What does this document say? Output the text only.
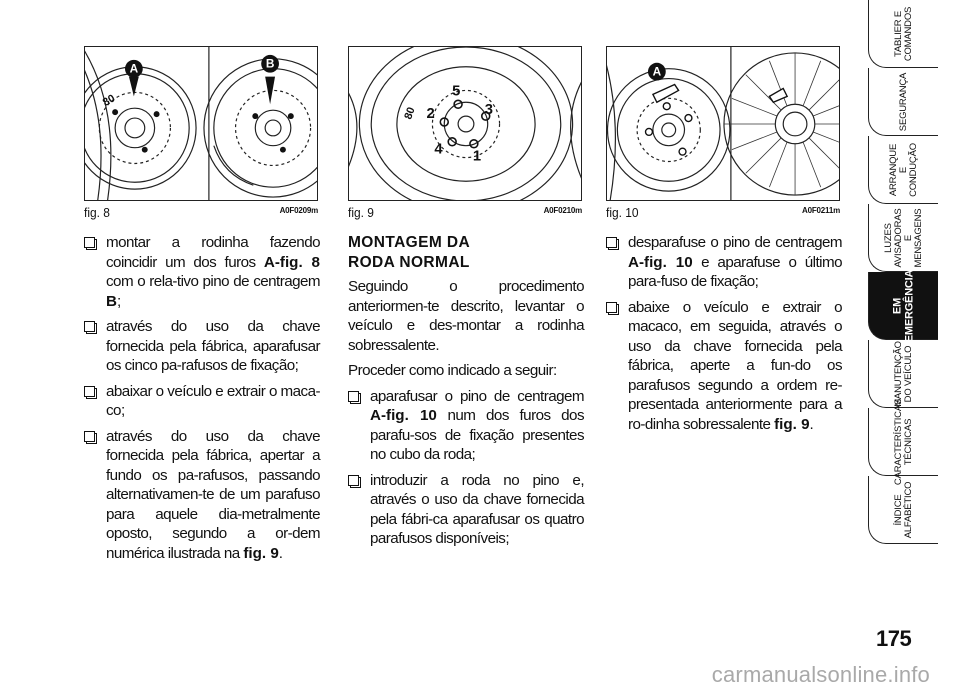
A	B
80
fig. 8	A0F0209m
5
2	3
4 1
80
fig. 9	A0F0210m
A
fig. 10	A0F0211m
montar a rodinha fazendo coincidir um dos furos A-fig. 8 com o rela-tivo pino de centragem B;
através do uso da chave fornecida pela fábrica, aparafusar os cinco pa-rafusos de fixação;
abaixar o veículo e extrair o maca-co;
através do uso da chave fornecida pela fábrica, apertar a fundo os pa-rafusos, passando alternativamen-te de um parafuso para aquele dia-metralmente oposto, segundo a or-dem numérica ilustrada na fig. 9.
MONTAGEM DA
RODA NORMAL

Seguindo o procedimento anteriormen-te descrito, levantar o veículo e des-montar a rodinha sobressalente.

Proceder como indicado a seguir:

aparafusar o pino de centragem A-fig. 10 num dos furos dos parafu-sos de fixação presentes no cubo da roda;
introduzir a roda no pino e, através o uso da chave fornecida pela fábri-ca aparafusar os quatro parafusos disponíveis;
desparafuse o pino de centragem A-fig. 10 e aparafuse o último para-fuso de fixação;
abaixe o veículo e extrair o macaco, em seguida, através o uso da chave fornecida pela fábrica, aperte a fun-do os parafusos segundo a ordem re-presentada anteriormente para a ro-dinha sobressalente fig. 9.
TABLIER E
COMANDOS
SEGURANÇA
ARRANQUE
E CONDUÇÃO
LUZES
AVISADORAS
E MENSAGENS
EM
EMERGÊNCIA
MANUTENÇÃO
DO VEÍCULO
CARACTERÍSTICAS
TÉCNICAS
ÍNDICE
ALFABÉTICO
175
carmanualsonline.info
